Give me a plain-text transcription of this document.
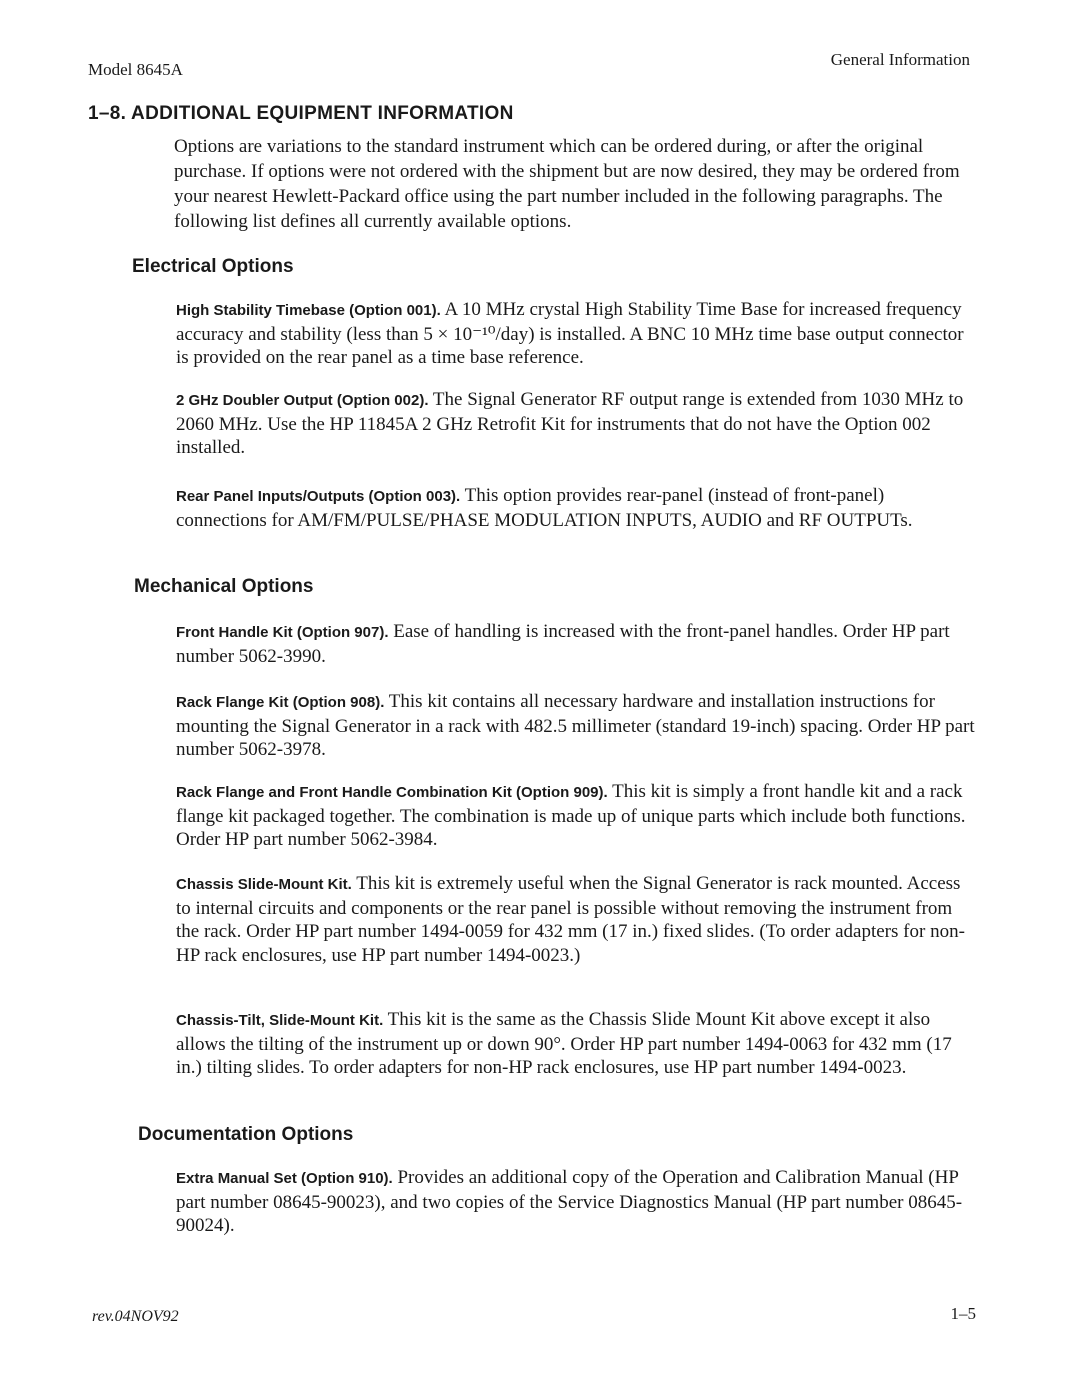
Model 8645A
General Information
1–8. ADDITIONAL EQUIPMENT INFORMATION
Options are variations to the standard instrument which can be ordered during, or after the original purchase. If options were not ordered with the shipment but are now desired, they may be ordered from your nearest Hewlett-Packard office using the part number included in the following paragraphs. The following list defines all currently available options.
Electrical Options
High Stability Timebase (Option 001). A 10 MHz crystal High Stability Time Base for increased frequency accuracy and stability (less than 5 × 10⁻¹⁰/day) is installed. A BNC 10 MHz time base output connector is provided on the rear panel as a time base reference.
2 GHz Doubler Output (Option 002). The Signal Generator RF output range is extended from 1030 MHz to 2060 MHz. Use the HP 11845A 2 GHz Retrofit Kit for instruments that do not have the Option 002 installed.
Rear Panel Inputs/Outputs (Option 003). This option provides rear-panel (instead of front-panel) connections for AM/FM/PULSE/PHASE MODULATION INPUTS, AUDIO and RF OUTPUTs.
Mechanical Options
Front Handle Kit (Option 907). Ease of handling is increased with the front-panel handles. Order HP part number 5062-3990.
Rack Flange Kit (Option 908). This kit contains all necessary hardware and installation instructions for mounting the Signal Generator in a rack with 482.5 millimeter (standard 19-inch) spacing. Order HP part number 5062-3978.
Rack Flange and Front Handle Combination Kit (Option 909). This kit is simply a front handle kit and a rack flange kit packaged together. The combination is made up of unique parts which include both functions. Order HP part number 5062-3984.
Chassis Slide-Mount Kit. This kit is extremely useful when the Signal Generator is rack mounted. Access to internal circuits and components or the rear panel is possible without removing the instrument from the rack. Order HP part number 1494-0059 for 432 mm (17 in.) fixed slides. (To order adapters for non-HP rack enclosures, use HP part number 1494-0023.)
Chassis-Tilt, Slide-Mount Kit. This kit is the same as the Chassis Slide Mount Kit above except it also allows the tilting of the instrument up or down 90°. Order HP part number 1494-0063 for 432 mm (17 in.) tilting slides. To order adapters for non-HP rack enclosures, use HP part number 1494-0023.
Documentation Options
Extra Manual Set (Option 910). Provides an additional copy of the Operation and Calibration Manual (HP part number 08645-90023), and two copies of the Service Diagnostics Manual (HP part number 08645-90024).
rev.04NOV92	1–5
